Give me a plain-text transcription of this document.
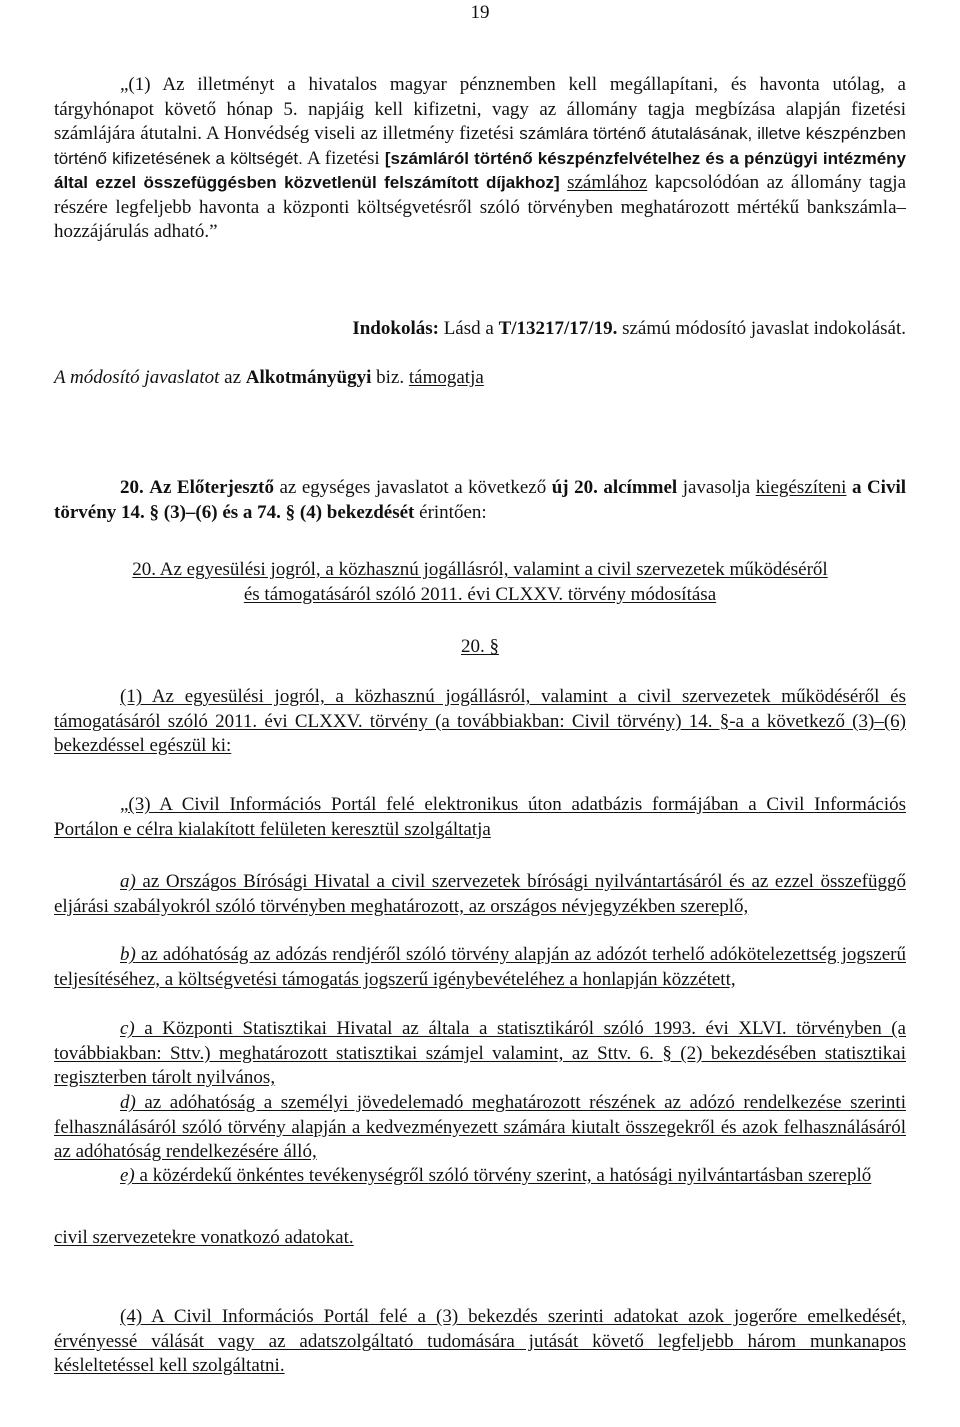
19

„(1) Az illetményt a hivatalos magyar pénznemben kell megállapítani, és havonta utólag, a tárgyhónapot követő hónap 5. napjáig kell kifizetni, vagy az állomány tagja megbízása alapján fizetési számlájára átutalni. A Honvédség viseli az illetmény fizetési számlára történő átutalásának, illetve készpénzben történő kifizetésének a költségét. A fizetési [számláról történő készpénzfelvételhez és a pénzügyi intézmény által ezzel összefüggésben közvetlenül felszámított díjakhoz] számlához kapcsolódóan az állomány tagja részére legfeljebb havonta a központi költségvetésről szóló törvényben meghatározott mértékű bankszámla–hozzájárulás adható.”

Indokolás: Lásd a T/13217/17/19. számú módosító javaslat indokolását.

A módosító javaslatot az Alkotmányügyi biz. támogatja

20. Az Előterjesztő az egységes javaslatot a következő új 20. alcímmel javasolja kiegészíteni a Civil törvény 14. § (3)–(6) és a 74. § (4) bekezdését érintően:

20. Az egyesülési jogról, a közhasznú jogállásról, valamint a civil szervezetek működéséről

és támogatásáról szóló 2011. évi CLXXV. törvény módosítása

20. §

(1) Az egyesülési jogról, a közhasznú jogállásról, valamint a civil szervezetek működéséről és támogatásáról szóló 2011. évi CLXXV. törvény (a továbbiakban: Civil törvény) 14. §-a a következő (3)–(6) bekezdéssel egészül ki:

„(3) A Civil Információs Portál felé elektronikus úton adatbázis formájában a Civil Információs Portálon e célra kialakított felületen keresztül szolgáltatja

a) az Országos Bírósági Hivatal a civil szervezetek bírósági nyilvántartásáról és az ezzel összefüggő eljárási szabályokról szóló törvényben meghatározott, az országos névjegyzékben szereplő,

b) az adóhatóság az adózás rendjéről szóló törvény alapján az adózót terhelő adókötelezettség jogszerű teljesítéséhez, a költségvetési támogatás jogszerű igénybevételéhez a honlapján közzétett,

c) a Központi Statisztikai Hivatal az általa a statisztikáról szóló 1993. évi XLVI. törvényben (a továbbiakban: Sttv.) meghatározott statisztikai számjel valamint, az Sttv. 6. § (2) bekezdésében statisztikai regiszterben tárolt nyilvános,

d) az adóhatóság a személyi jövedelemadó meghatározott részének az adózó rendelkezése szerinti felhasználásáról szóló törvény alapján a kedvezményezett számára kiutalt összegekről és azok felhasználásáról az adóhatóság rendelkezésére álló,

e) a közérdekű önkéntes tevékenységről szóló törvény szerint, a hatósági nyilvántartásban szereplő

civil szervezetekre vonatkozó adatokat.

(4) A Civil Információs Portál felé a (3) bekezdés szerinti adatokat azok jogerőre emelkedését, érvényessé válását vagy az adatszolgáltató tudomására jutását követő legfeljebb három munkanapos késleltetéssel kell szolgáltatni.
